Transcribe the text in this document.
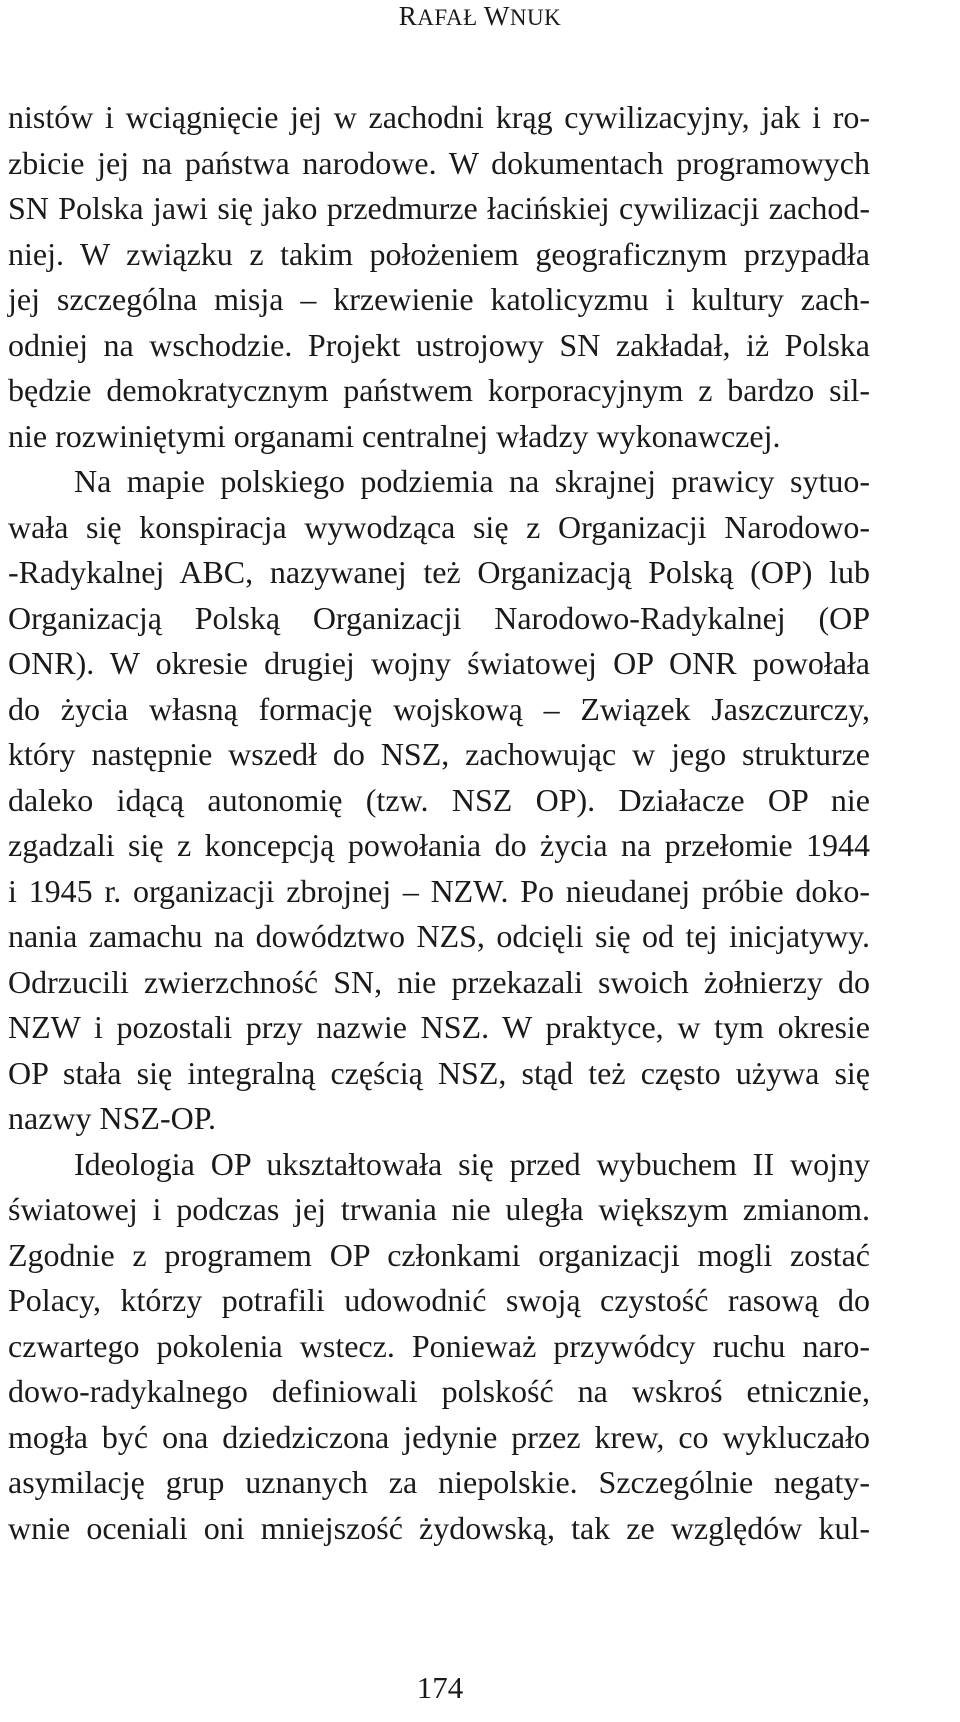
RAFAŁ WNUK
nistów i wciągnięcie jej w zachodni krąg cywilizacyjny, jak i ro-
zbicie jej na państwa narodowe. W dokumentach programowych
SN Polska jawi się jako przedmurze łacińskiej cywilizacji zachod-
niej. W związku z takim położeniem geograficznym przypadła
jej szczególna misja – krzewienie katolicyzmu i kultury zach-
odniej na wschodzie. Projekt ustrojowy SN zakładał, iż Polska
będzie demokratycznym państwem korporacyjnym z bardzo sil-
nie rozwiniętymi organami centralnej władzy wykonawczej.
Na mapie polskiego podziemia na skrajnej prawicy sytuo-
wała się konspiracja wywodząca się z Organizacji Narodowo-
-Radykalnej ABC, nazywanej też Organizacją Polską (OP) lub
Organizacją Polską Organizacji Narodowo-Radykalnej (OP
ONR). W okresie drugiej wojny światowej OP ONR powołała
do życia własną formację wojskową – Związek Jaszczurczy,
który następnie wszedł do NSZ, zachowując w jego strukturze
daleko idącą autonomię (tzw. NSZ OP). Działacze OP nie
zgadzali się z koncepcją powołania do życia na przełomie 1944
i 1945 r. organizacji zbrojnej – NZW. Po nieudanej próbie doko-
nania zamachu na dowództwo NZS, odcięli się od tej inicjatywy.
Odrzucili zwierzchność SN, nie przekazali swoich żołnierzy do
NZW i pozostali przy nazwie NSZ. W praktyce, w tym okresie
OP stała się integralną częścią NSZ, stąd też często używa się
nazwy NSZ-OP.
Ideologia OP ukształtowała się przed wybuchem II wojny
światowej i podczas jej trwania nie uległa większym zmianom.
Zgodnie z programem OP członkami organizacji mogli zostać
Polacy, którzy potrafili udowodnić swoją czystość rasową do
czwartego pokolenia wstecz. Ponieważ przywódcy ruchu naro-
dowo-radykalnego definiowali polskość na wskroś etnicznie,
mogła być ona dziedziczona jedynie przez krew, co wykluczało
asymilację grup uznanych za niepolskie. Szczególnie negaty-
wnie oceniali oni mniejszość żydowską, tak ze względów kul-
174
